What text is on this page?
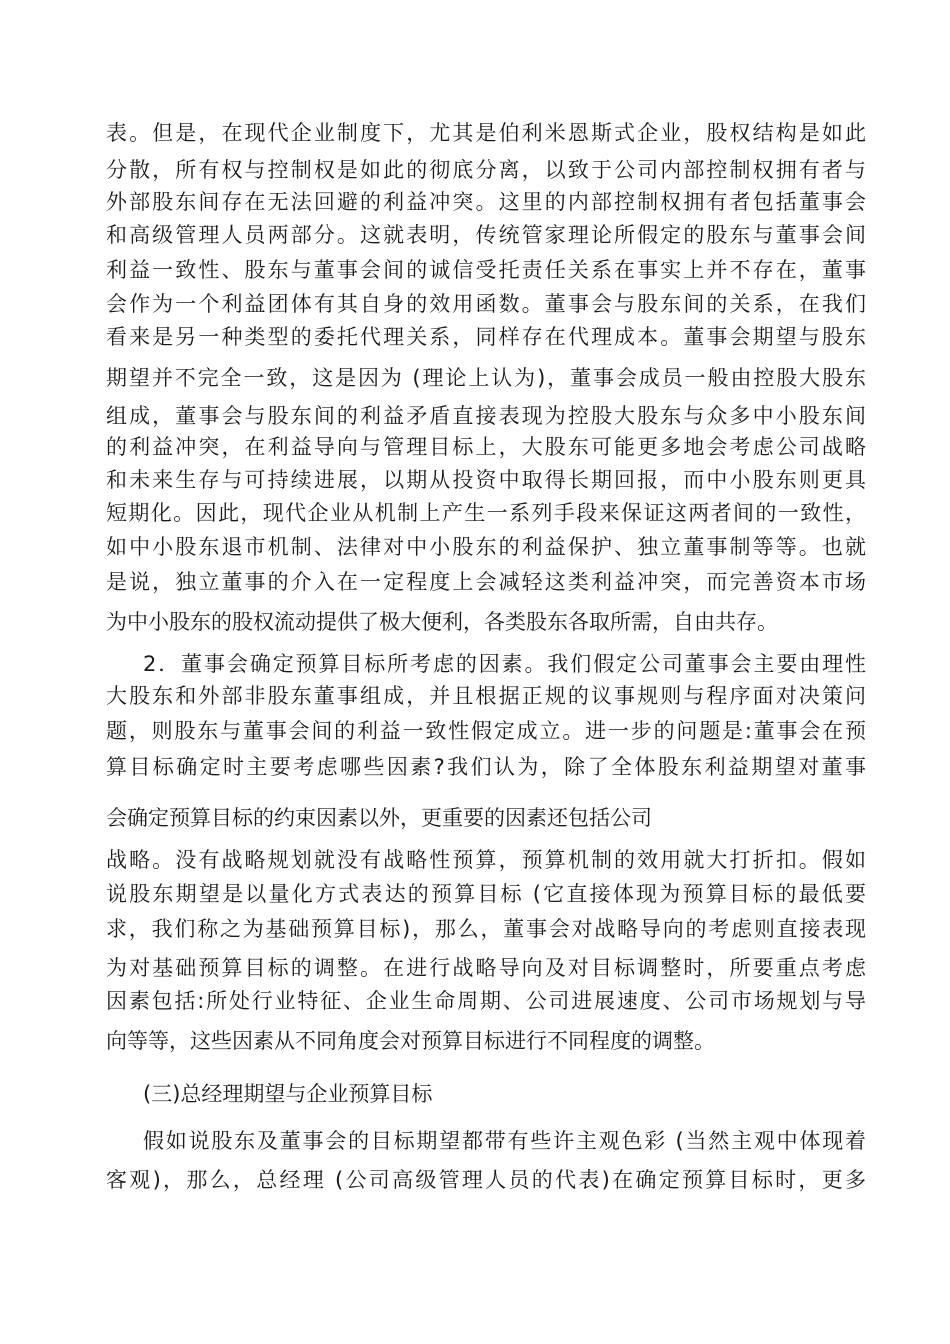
表。但是，在现代企业制度下，尤其是伯利米恩斯式企业，股权结构是如此
分散，所有权与控制权是如此的彻底分离，以致于公司内部控制权拥有者与
外部股东间存在无法回避的利益冲突。这里的内部控制权拥有者包括董事会
和高级管理人员两部分。这就表明，传统管家理论所假定的股东与董事会间
利益一致性、股东与董事会间的诚信受托责任关系在事实上并不存在，董事
会作为一个利益团体有其自身的效用函数。董事会与股东间的关系，在我们
看来是另一种类型的委托代理关系，同样存在代理成本。董事会期望与股东
期望并不完全一致，这是因为 (理论上认为)，董事会成员一般由控股大股东
组成，董事会与股东间的利益矛盾直接表现为控股大股东与众多中小股东间
的利益冲突，在利益导向与管理目标上，大股东可能更多地会考虑公司战略
和未来生存与可持续进展，以期从投资中取得长期回报，而中小股东则更具
短期化。因此，现代企业从机制上产生一系列手段来保证这两者间的一致性，
如中小股东退市机制、法律对中小股东的利益保护、独立董事制等等。也就
是说，独立董事的介入在一定程度上会减轻这类利益冲突，而完善资本市场
为中小股东的股权流动提供了极大便利，各类股东各取所需，自由共存。
2．董事会确定预算目标所考虑的因素。我们假定公司董事会主要由理性
大股东和外部非股东董事组成，并且根据正规的议事规则与程序面对决策问
题，则股东与董事会间的利益一致性假定成立。进一步的问题是:董事会在预
算目标确定时主要考虑哪些因素?我们认为，除了全体股东利益期望对董事
会确定预算目标的约束因素以外，更重要的因素还包括公司
战略。没有战略规划就没有战略性预算，预算机制的效用就大打折扣。假如
说股东期望是以量化方式表达的预算目标 (它直接体现为预算目标的最低要
求，我们称之为基础预算目标)，那么，董事会对战略导向的考虑则直接表现
为对基础预算目标的调整。在进行战略导向及对目标调整时，所要重点考虑
因素包括:所处行业特征、企业生命周期、公司进展速度、公司市场规划与导
向等等，这些因素从不同角度会对预算目标进行不同程度的调整。
(三)总经理期望与企业预算目标
假如说股东及董事会的目标期望都带有些许主观色彩 (当然主观中体现着
客观)，那么，总经理 (公司高级管理人员的代表)在确定预算目标时，更多
